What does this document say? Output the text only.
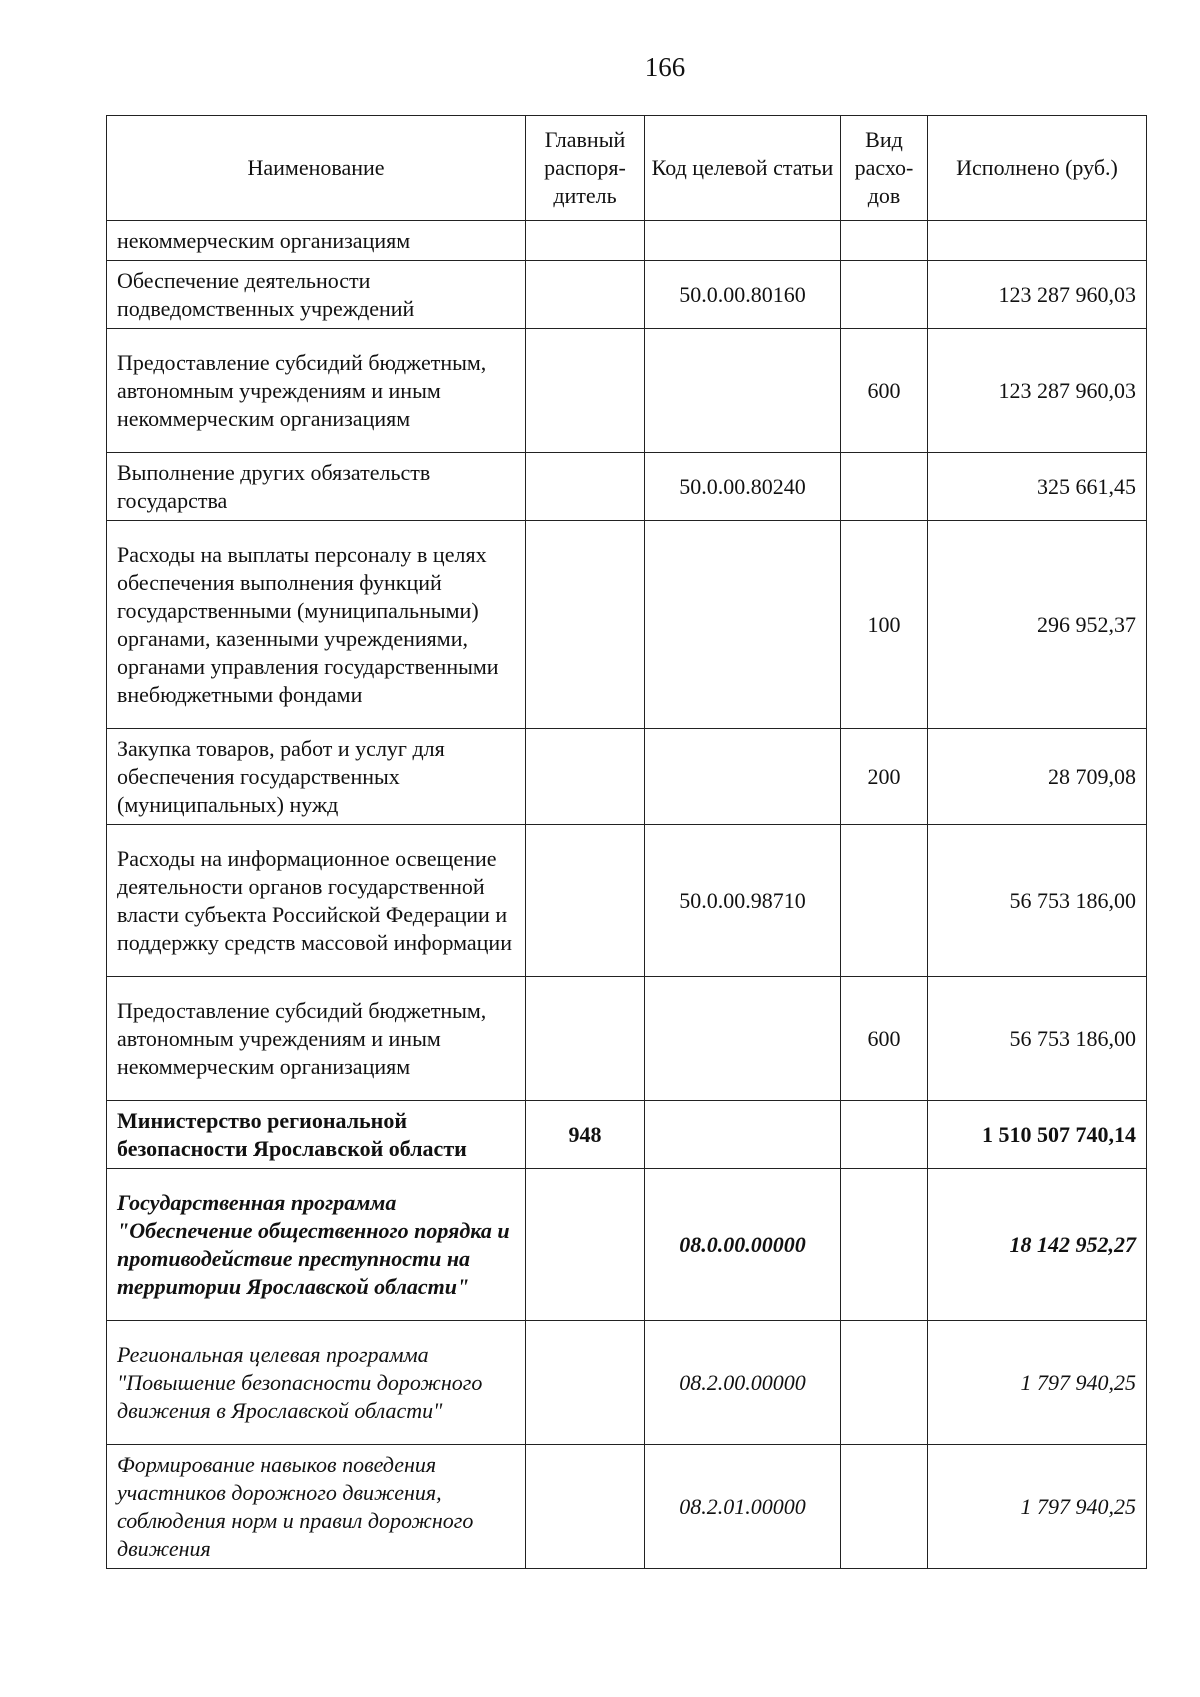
166
Наименование	Главный распоря-дитель	Код целевой статьи	Вид расхо-дов	Исполнено (руб.)
некоммерческим организациям				
Обеспечение деятельности подведомственных учреждений		50.0.00.80160		123 287 960,03
Предоставление субсидий бюджетным, автономным учреждениям и иным некоммерческим организациям			600	123 287 960,03
Выполнение других обязательств государства		50.0.00.80240		325 661,45
Расходы на выплаты персоналу в целях обеспечения выполнения функций государственными (муниципальными) органами, казенными учреждениями, органами управления государственными внебюджетными фондами			100	296 952,37
Закупка товаров, работ и услуг для обеспечения государственных (муниципальных) нужд			200	28 709,08
Расходы на информационное освещение деятельности органов государственной власти субъекта Российской Федерации и поддержку средств массовой информации		50.0.00.98710		56 753 186,00
Предоставление субсидий бюджетным, автономным учреждениям и иным некоммерческим организациям			600	56 753 186,00
Министерство региональной безопасности Ярославской области	948			1 510 507 740,14
Государственная программа "Обеспечение общественного порядка и противодействие преступности на территории Ярославской области"		08.0.00.00000		18 142 952,27
Региональная целевая программа "Повышение безопасности дорожного движения в Ярославской области"		08.2.00.00000		1 797 940,25
Формирование навыков поведения участников дорожного движения, соблюдения норм и правил дорожного движения		08.2.01.00000		1 797 940,25
